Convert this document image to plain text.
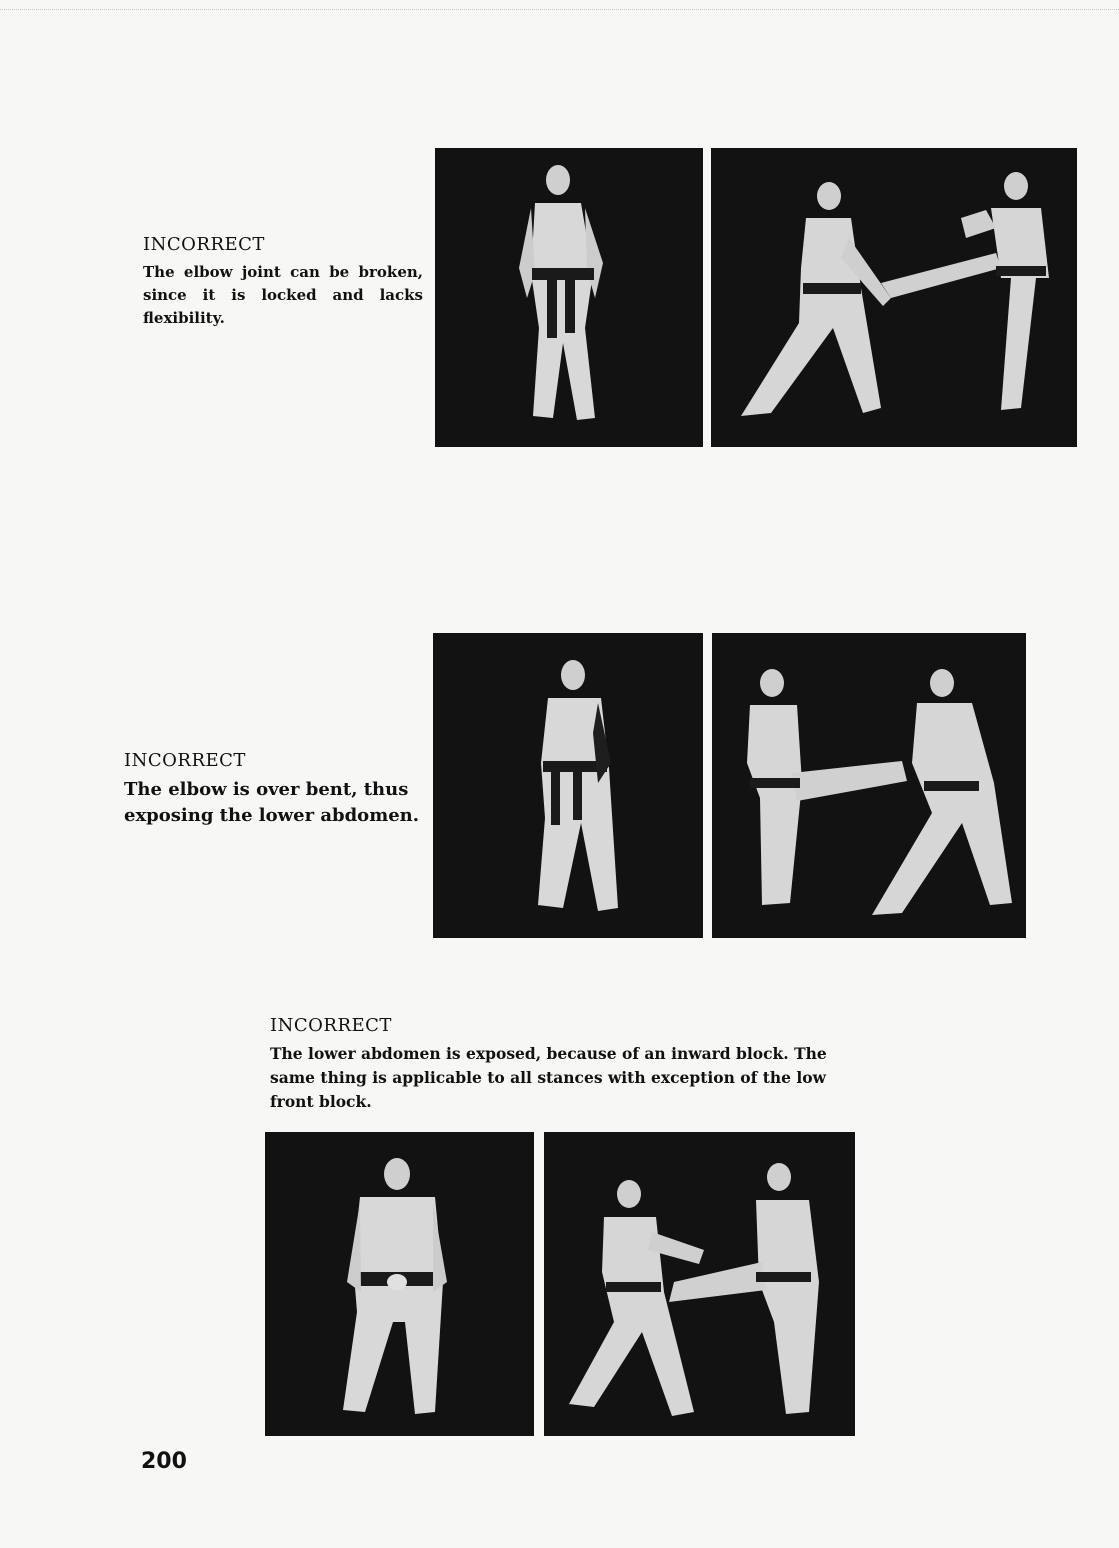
INCORRECT

The elbow joint can be broken, since it is locked and lacks flexibility.

INCORRECT

The elbow is over bent, thus exposing the lower abdomen.

INCORRECT

The lower abdomen is exposed, because of an inward block. The same thing is applicable to all stances with exception of the low front block.

200
